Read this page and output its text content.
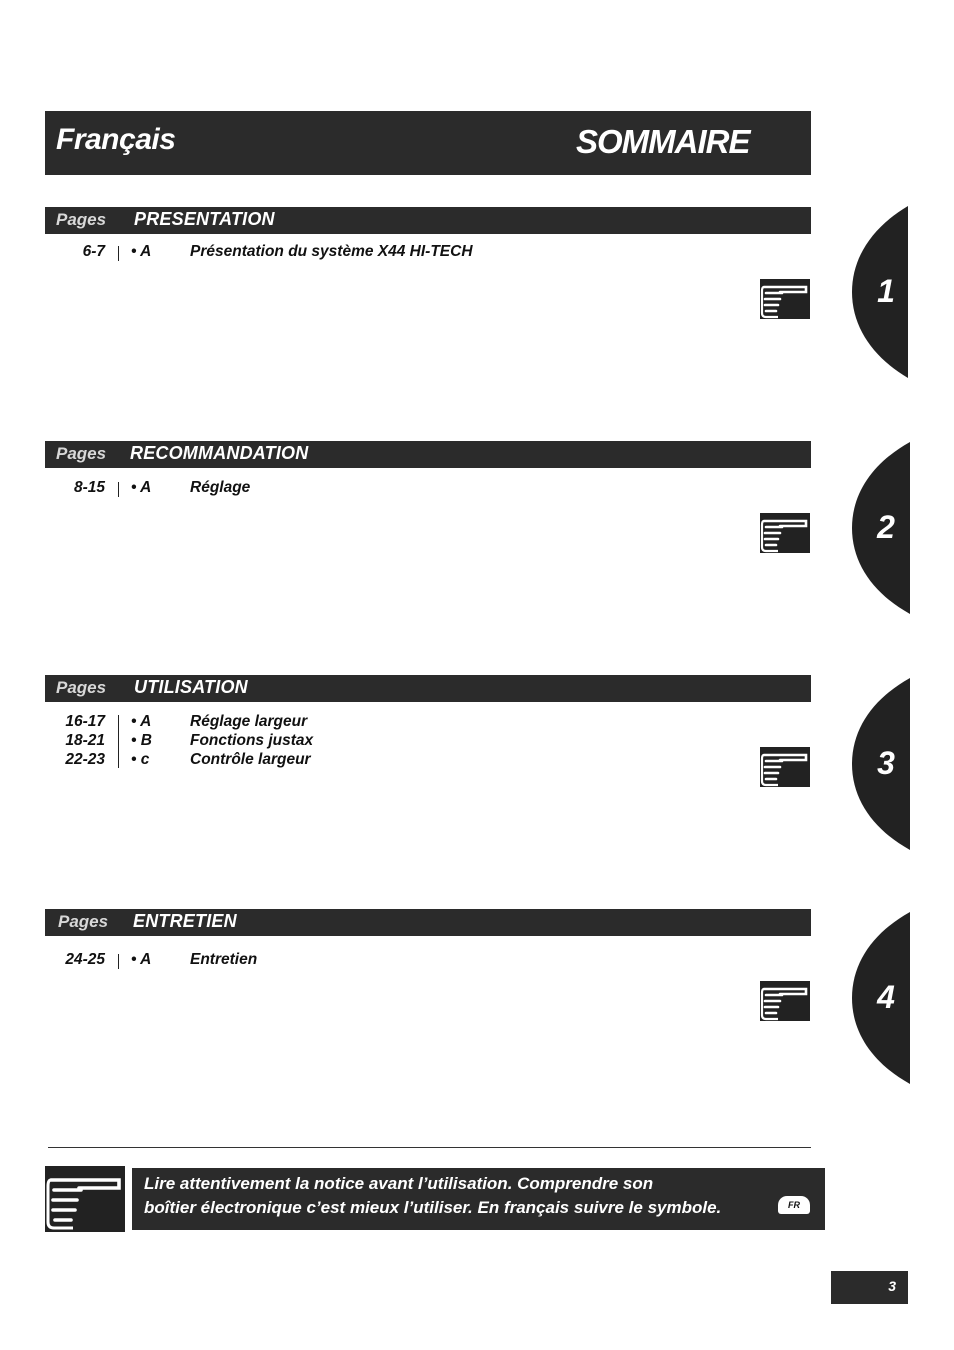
Français	SOMMAIRE
Pages PRESENTATION
6-7 • A Présentation du système X44 HI-TECH
Pages RECOMMANDATION
8-15 • A Réglage
Pages UTILISATION
16-17 • A Réglage largeur
18-21 • B Fonctions justax
22-23 • c	Contrôle largeur
Pages ENTRETIEN
24-25 • A Entretien
1
2
3
4
Lire attentivement la notice avant l’utilisation. Comprendre son
boîtier électronique c’est mieux l’utiliser. En français suivre le symbole.	FR
3
